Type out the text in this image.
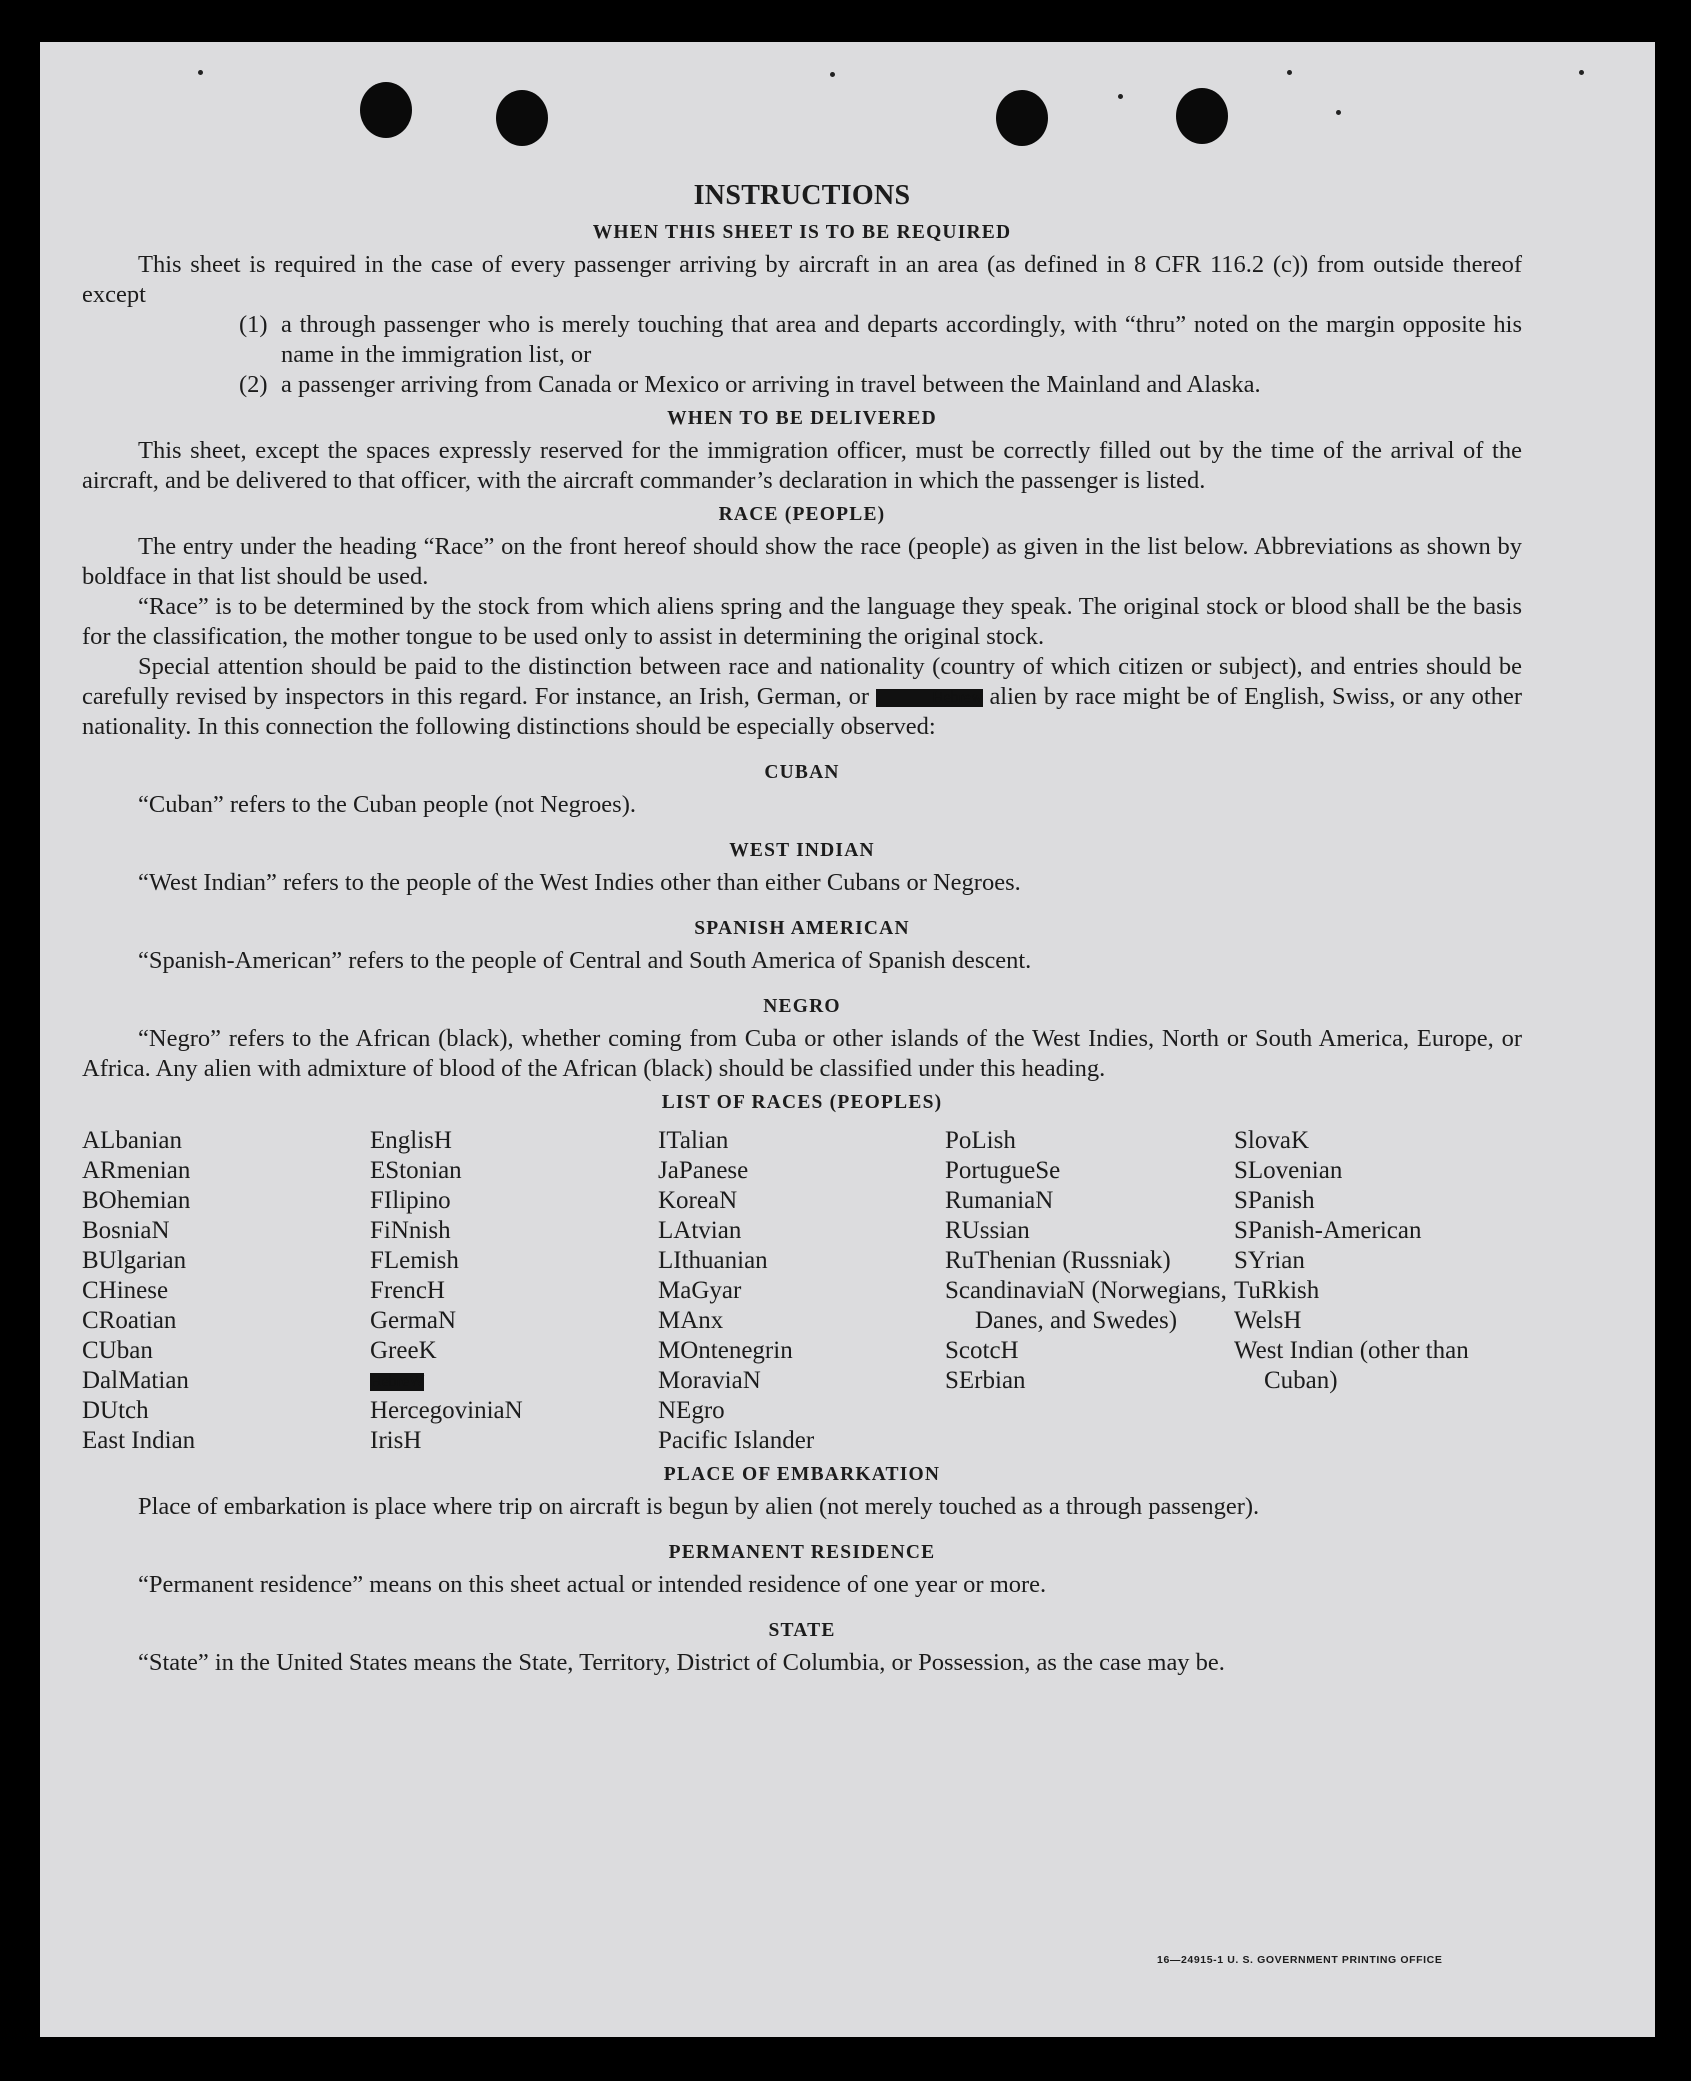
INSTRUCTIONS
WHEN THIS SHEET IS TO BE REQUIRED

This sheet is required in the case of every passenger arriving by aircraft in an area (as defined in 8 CFR 116.2 (c)) from outside thereof except

(1) a through passenger who is merely touching that area and departs accordingly, with “thru” noted on the margin opposite his name in the immigration list, or
(2) a passenger arriving from Canada or Mexico or arriving in travel between the Mainland and Alaska.
WHEN TO BE DELIVERED

This sheet, except the spaces expressly reserved for the immigration officer, must be correctly filled out by the time of the arrival of the aircraft, and be delivered to that officer, with the aircraft commander’s declaration in which the passenger is listed.

RACE (PEOPLE)

The entry under the heading “Race” on the front hereof should show the race (people) as given in the list below. Abbreviations as shown by boldface in that list should be used.

“Race” is to be determined by the stock from which aliens spring and the language they speak. The original stock or blood shall be the basis for the classification, the mother tongue to be used only to assist in determining the original stock.

Special attention should be paid to the distinction between race and nationality (country of which citizen or subject), and entries should be carefully revised by inspectors in this regard. For instance, an Irish, German, or	Hebrew alien by race might be of English, Swiss, or any other nationality. In this connection the following distinctions should be especially observed:

CUBAN

“Cuban” refers to the Cuban people (not Negroes).

WEST INDIAN

“West Indian” refers to the people of the West Indies other than either Cubans or Negroes.

SPANISH AMERICAN

“Spanish-American” refers to the people of Central and South America of Spanish descent.

NEGRO

“Negro” refers to the African (black), whether coming from Cuba or other islands of the West Indies, North or South America, Europe, or Africa. Any alien with admixture of blood of the African (black) should be classified under this heading.

LIST OF RACES (PEOPLES)
ALbanian
ARmenian
BOhemian
BosniaN
BUlgarian
CHinese
CRoatian
CUban
DalMatian
DUtch
East Indian
EnglisH
EStonian
FIlipino
FiNnish
FLemish
FrencH
GermaN
GreeK
HebreW
HercegoviniaN
IrisH
ITalian
JaPanese
KoreaN
LAtvian
LIthuanian
MaGyar
MAnx
MOntenegrin
MoraviaN
NEgro
Pacific Islander
PoLish
PortugueSe
RumaniaN
RUssian
RuThenian (Russniak)
ScandinaviaN (Norwegians, Danes, and Swedes)
ScotcH
SErbian
SlovaK
SLovenian
SPanish
SPanish-American
SYrian
TuRkish
WelsH
West Indian (other than Cuban)
PLACE OF EMBARKATION

Place of embarkation is place where trip on aircraft is begun by alien (not merely touched as a through passenger).

PERMANENT RESIDENCE

“Permanent residence” means on this sheet actual or intended residence of one year or more.

STATE

“State” in the United States means the State, Territory, District of Columbia, or Possession, as the case may be.

16—24915-1 U. S. GOVERNMENT PRINTING OFFICE
